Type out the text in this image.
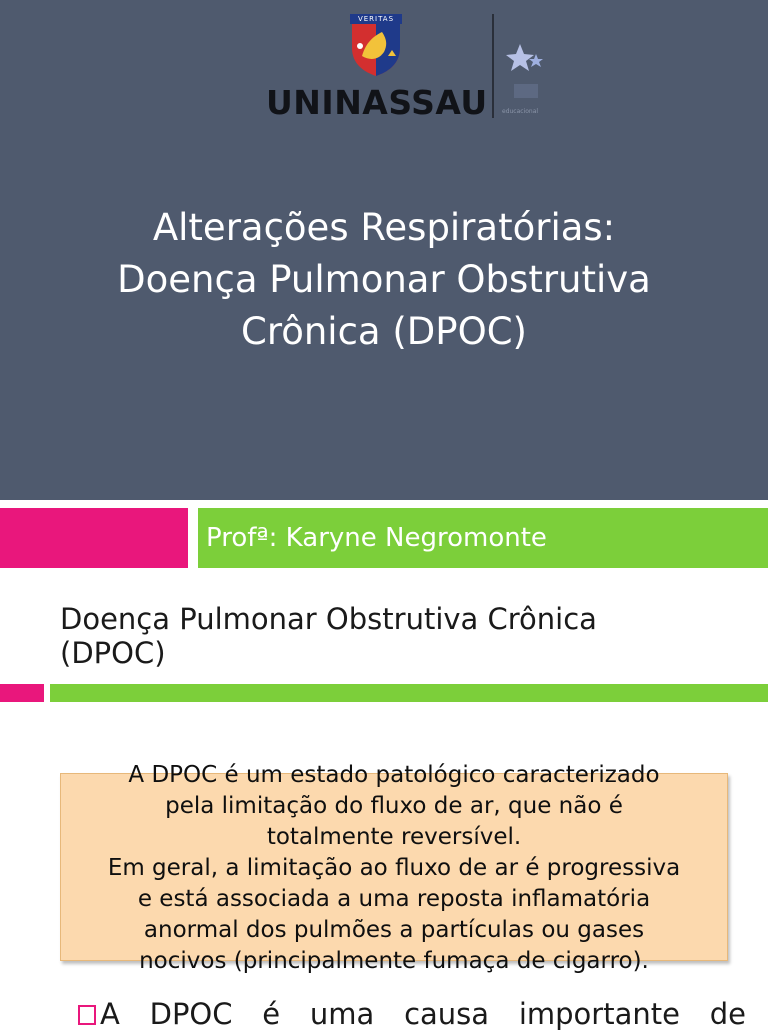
VERITAS
UNINASSAU educacional
Alterações Respiratórias:
Doença Pulmonar Obstrutiva
Crônica (DPOC)
Profª: Karyne Negromonte
Doença Pulmonar Obstrutiva Crônica
(DPOC)
A DPOC é um estado patológico caracterizado
pela limitação do fluxo de ar, que não é
totalmente reversível.
Em geral, a limitação ao fluxo de ar é progressiva
e está associada a uma reposta inflamatória
anormal dos pulmões a partículas ou gases
nocivos (principalmente fumaça de cigarro).
A DPOC é uma causa importante de
